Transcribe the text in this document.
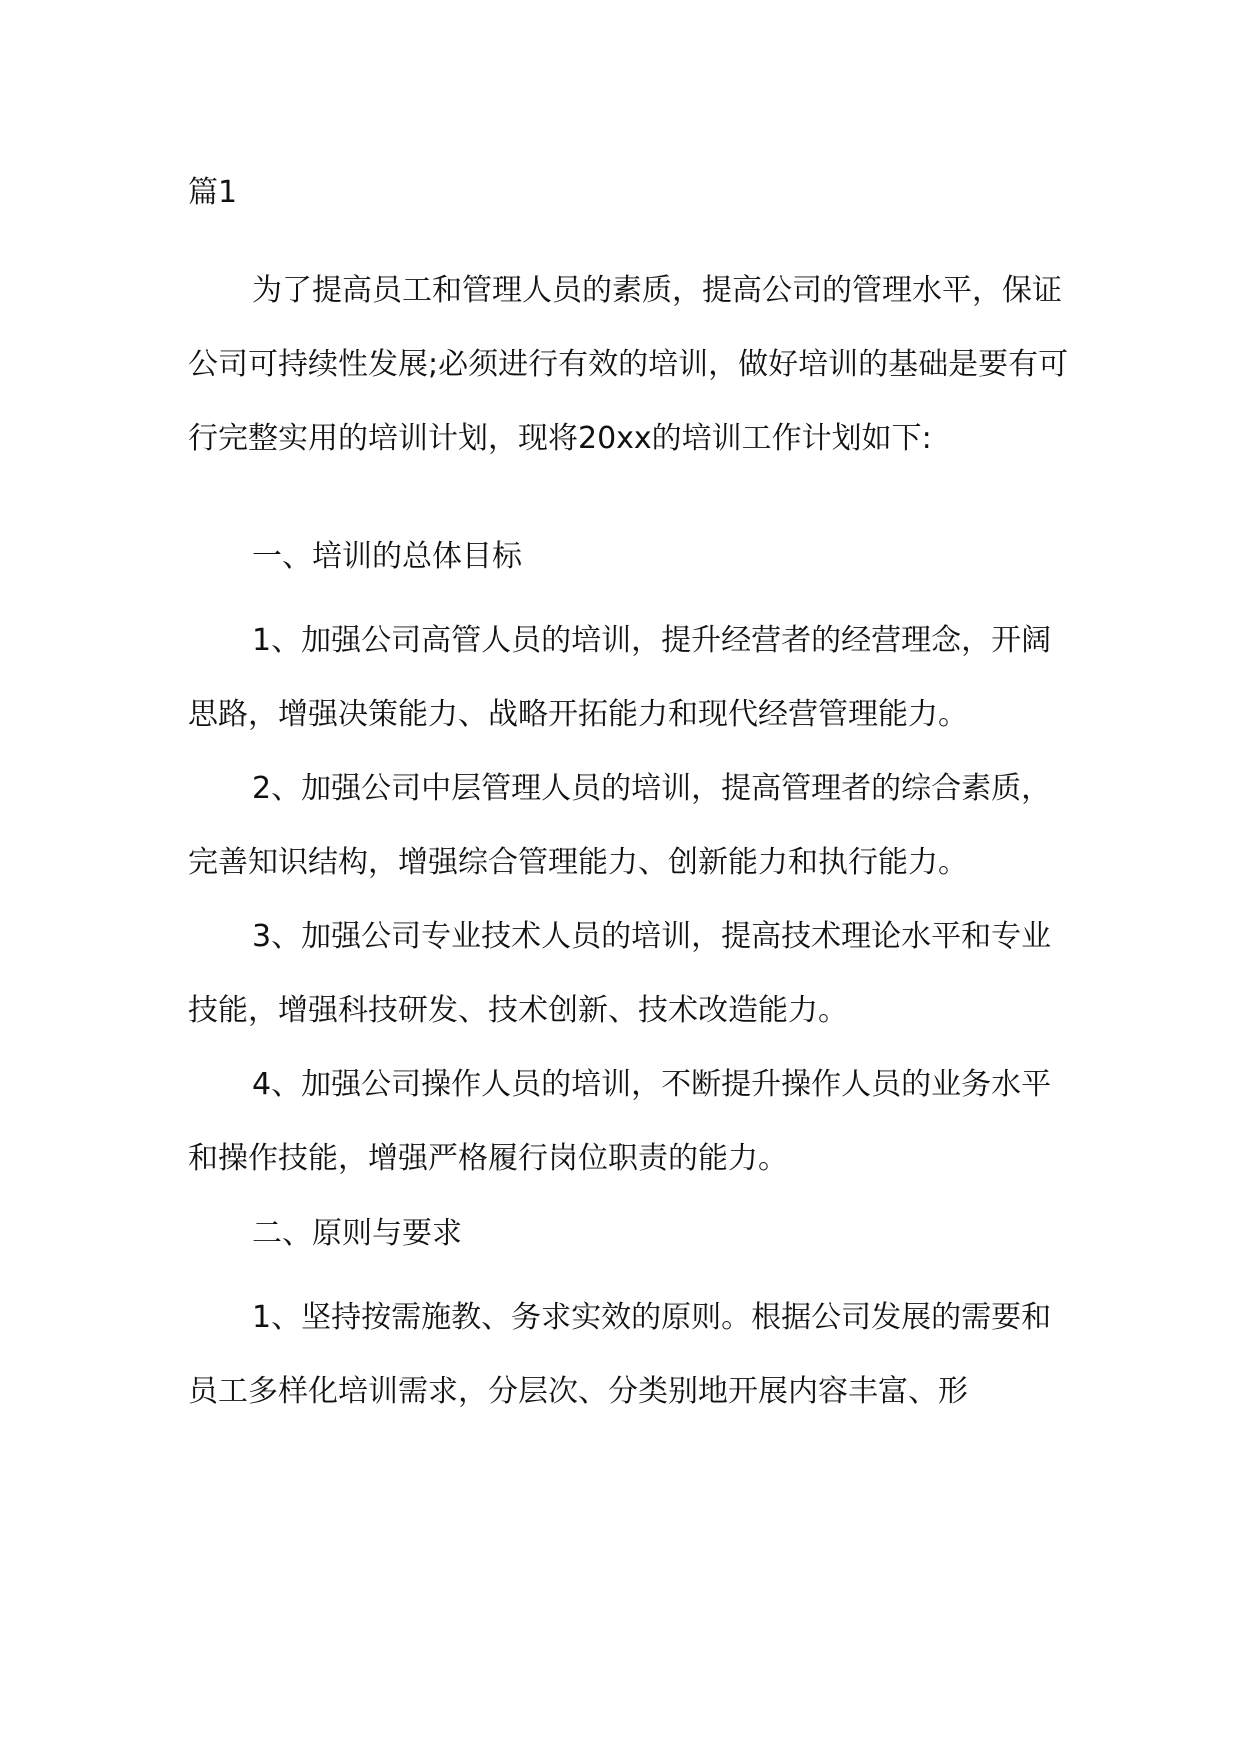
篇1

为了提高员工和管理人员的素质，提高公司的管理水平，保证公司可持续性发展;必须进行有效的培训，做好培训的基础是要有可行完整实用的培训计划，现将20xx的培训工作计划如下:

一、培训的总体目标

1、加强公司高管人员的培训，提升经营者的经营理念，开阔思路，增强决策能力、战略开拓能力和现代经营管理能力。

2、加强公司中层管理人员的培训，提高管理者的综合素质，完善知识结构，增强综合管理能力、创新能力和执行能力。

3、加强公司专业技术人员的培训，提高技术理论水平和专业技能，增强科技研发、技术创新、技术改造能力。

4、加强公司操作人员的培训，不断提升操作人员的业务水平和操作技能，增强严格履行岗位职责的能力。

二、原则与要求

1、坚持按需施教、务求实效的原则。根据公司发展的需要和员工多样化培训需求，分层次、分类别地开展内容丰富、形
